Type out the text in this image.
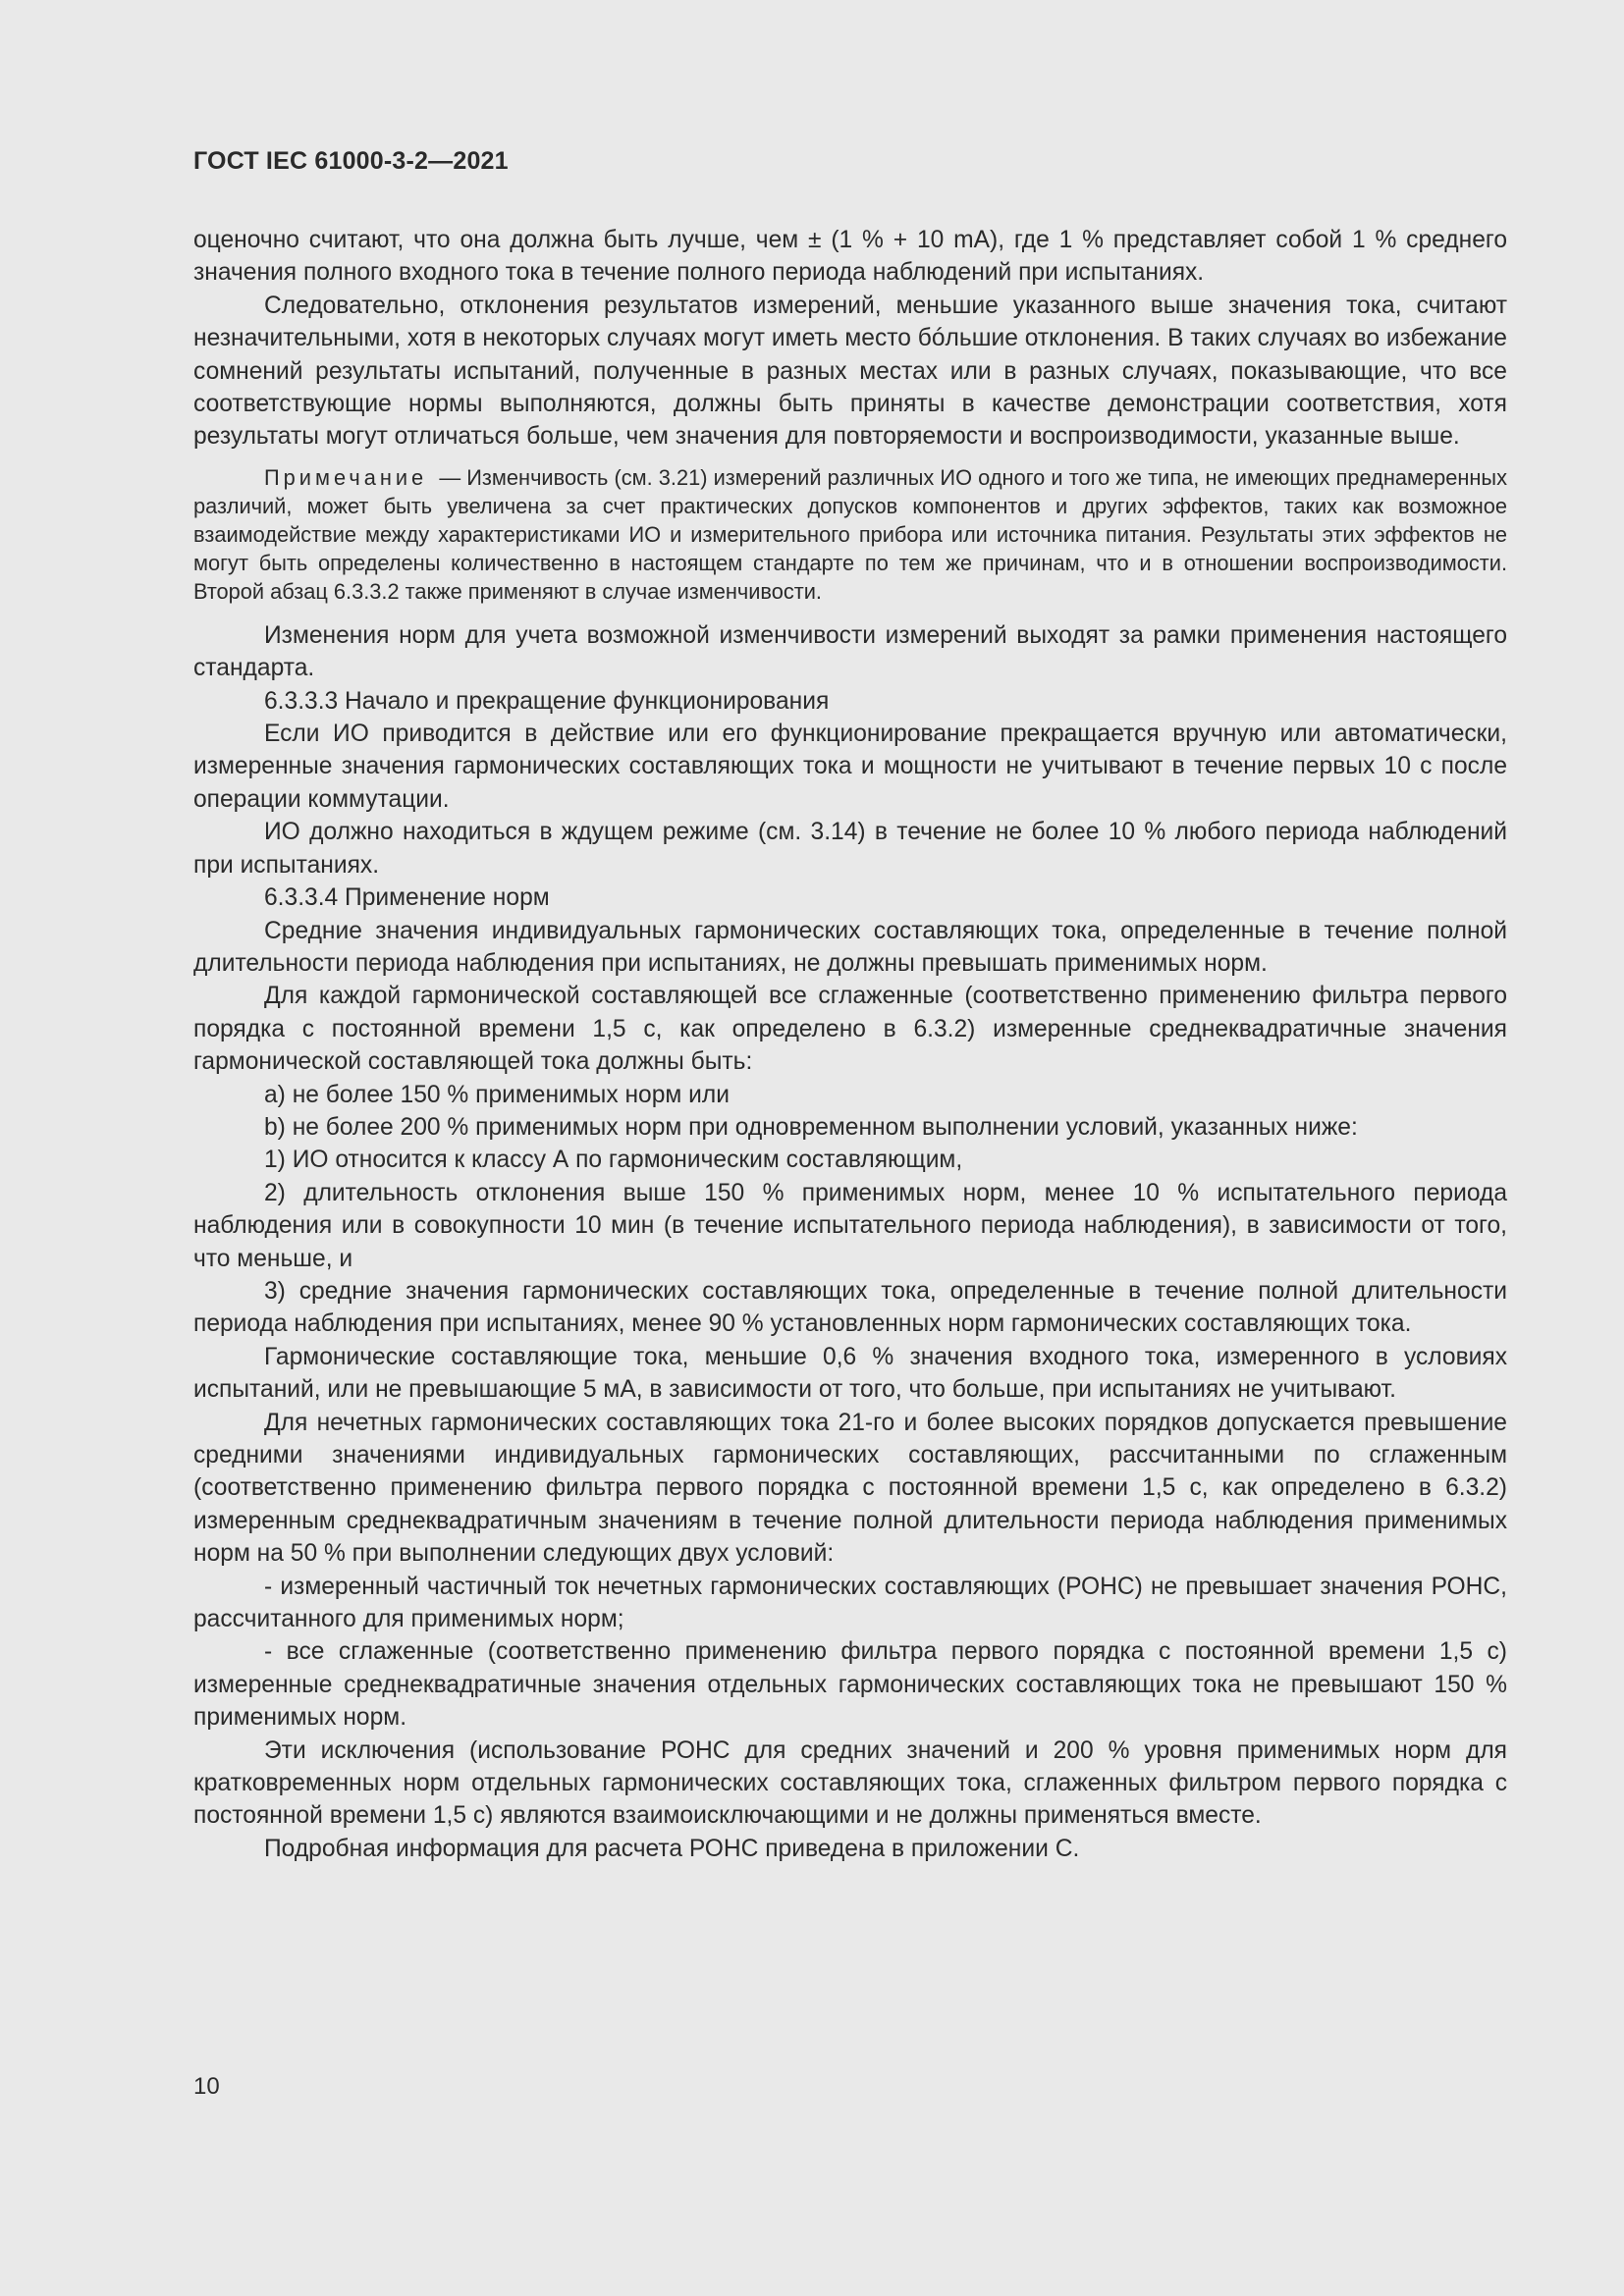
ГОСТ IEC 61000-3-2—2021

оценочно считают, что она должна быть лучше, чем ± (1 % + 10 mA), где 1 % представляет собой 1 % среднего значения полного входного тока в течение полного периода наблюдений при испытаниях.

Следовательно, отклонения результатов измерений, меньшие указанного выше значения тока, считают незначительными, хотя в некоторых случаях могут иметь место бóльшие отклонения. В таких случаях во избежание сомнений результаты испытаний, полученные в разных местах или в разных случаях, показывающие, что все соответствующие нормы выполняются, должны быть приняты в качестве демонстрации соответствия, хотя результаты могут отличаться больше, чем значения для повторяемости и воспроизводимости, указанные выше.

Примечание — Изменчивость (см. 3.21) измерений различных ИО одного и того же типа, не имеющих преднамеренных различий, может быть увеличена за счет практических допусков компонентов и других эффектов, таких как возможное взаимодействие между характеристиками ИО и измерительного прибора или источника питания. Результаты этих эффектов не могут быть определены количественно в настоящем стандарте по тем же причинам, что и в отношении воспроизводимости. Второй абзац 6.3.3.2 также применяют в случае изменчивости.

Изменения норм для учета возможной изменчивости измерений выходят за рамки применения настоящего стандарта.

6.3.3.3 Начало и прекращение функционирования

Если ИО приводится в действие или его функционирование прекращается вручную или автоматически, измеренные значения гармонических составляющих тока и мощности не учитывают в течение первых 10 с после операции коммутации.

ИО должно находиться в ждущем режиме (см. 3.14) в течение не более 10 % любого периода наблюдений при испытаниях.

6.3.3.4 Применение норм

Средние значения индивидуальных гармонических составляющих тока, определенные в течение полной длительности периода наблюдения при испытаниях, не должны превышать применимых норм.

Для каждой гармонической составляющей все сглаженные (соответственно применению фильтра первого порядка с постоянной времени 1,5 с, как определено в 6.3.2) измеренные среднеквадратичные значения гармонической составляющей тока должны быть:

a) не более 150 % применимых норм или

b) не более 200 % применимых норм при одновременном выполнении условий, указанных ниже:

1) ИО относится к классу А по гармоническим составляющим,

2) длительность отклонения выше 150 % применимых норм, менее 10 % испытательного периода наблюдения или в совокупности 10 мин (в течение испытательного периода наблюдения), в зависимости от того, что меньше, и

3) средние значения гармонических составляющих тока, определенные в течение полной длительности периода наблюдения при испытаниях, менее 90 % установленных норм гармонических составляющих тока.

Гармонические составляющие тока, меньшие 0,6 % значения входного тока, измеренного в условиях испытаний, или не превышающие 5 мА, в зависимости от того, что больше, при испытаниях не учитывают.

Для нечетных гармонических составляющих тока 21-го и более высоких порядков допускается превышение средними значениями индивидуальных гармонических составляющих, рассчитанными по сглаженным (соответственно применению фильтра первого порядка с постоянной времени 1,5 с, как определено в 6.3.2) измеренным среднеквадратичным значениям в течение полной длительности периода наблюдения применимых норм на 50 % при выполнении следующих двух условий:

- измеренный частичный ток нечетных гармонических составляющих (РОНС) не превышает значения РОНС, рассчитанного для применимых норм;

- все сглаженные (соответственно применению фильтра первого порядка с постоянной времени 1,5 с) измеренные среднеквадратичные значения отдельных гармонических составляющих тока не превышают 150 % применимых норм.

Эти исключения (использование РОНС для средних значений и 200 % уровня применимых норм для кратковременных норм отдельных гармонических составляющих тока, сглаженных фильтром первого порядка с постоянной времени 1,5 с) являются взаимоисключающими и не должны применяться вместе.

Подробная информация для расчета РОНС приведена в приложении С.

10
